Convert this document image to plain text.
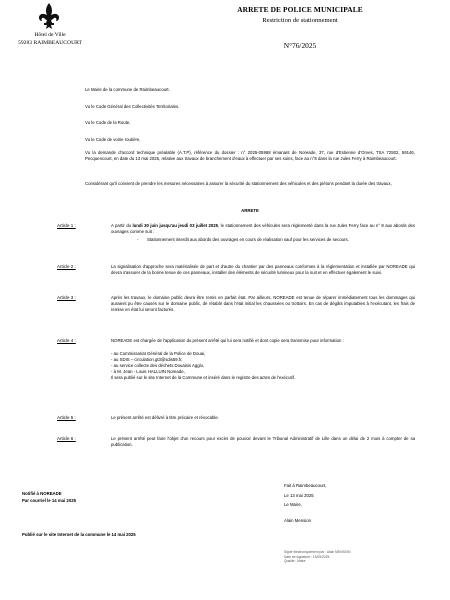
Hôtel de Ville
59283 RAIMBEAUCOURT
ARRETE DE POLICE MUNICIPALE
Restriction de stationnement
N°76/2025
Le Maire de la commune de Raimbeaucourt.
Vu le Code Général des Collectivités Territoriales.
Vu le Code de la Route,
Vu le Code de voirie routière,
Vu la demande d'accord technique préalable (A.T.P), référence du dossier : n° 2025-05968 émanant de Noreade, 37, rue d'Estienne d'Orves, TSA 72502, 59146, Pecquencourt, en date du 13 mai 2025, relative aux travaux de branchement d'eaux à effectuer par ses soins, face au n°8 dans la rue Jules Ferry à Raimbeaucourt.
Considérant qu'il convient de prendre les mesures nécessaires à assurer la sécurité du stationnement des véhicules et des piétons pendant la durée des travaux,
ARRETE
Article 1 :	A partir du lundi 30 juin jusqu'au jeudi 03 juillet 2025, le stationnement des véhicules sera réglementé dans la rue Jules Ferry face au n° 8 aux abords des ouvrages comme suit :
- Stationnement interdit aux abords des ouvrages en cours de réalisation sauf pour les services de secours.
Article 2 :	La signalisation d'approche sera matérialisée de part et d'autre du chantier par des panneaux conformes à la réglementation et installée par NOREADE qui devra s'assurer de la bonne tenue de ces panneaux, installer des éléments de sécurité lumineux pour la nuit et en effectuer également le suivi.
Article 3 :	Après les travaux, le domaine public devra être remis en parfait état. Par ailleurs, NOREADE est tenue de réparer immédiatement tous les dommages qui auraient pu être causés sur le domaine public, de rétablir dans l'état initial les chaussées ou trottoirs. En cas de dégâts imputables à l'exécutant, les frais de remise en état lui seront facturés.
Article 4 :	NOREADE est chargée de l'application du présent arrêté qui lui sera notifié et dont copie sera transmise pour information :
- au Commissariat Général de la Police de Douai,
- au SDIS – circulation.gt3@sdis59.fr,
- au service collecte des déchets Douaisis Agglo,
- à M. Jean - Louis HALLUIN Noreade,
Il sera publié sur le site Internet de la Commune et inséré dans le registre des actes de l'exécutif.
Article 5 :	Le présent arrêté est délivré à titre précaire et révocable.
Article 6 :	Le présent arrêté peut faire l'objet d'un recours pour excès de pouvoir devant le Tribunal Administratif de Lille dans un délai de 2 mois à compter de sa publication.
Fait à Raimbeaucourt,
Le 13 mai 2025
Le Maire,
Alain Mension
Notifié à NOREADE
Par courriel le 14 mai 2025
Publié sur le site Internet de la commune le 14 mai 2025
Signé électroniquement par : Alain MENSION
Date de signature : 13/05/2025
Qualité : Maire
